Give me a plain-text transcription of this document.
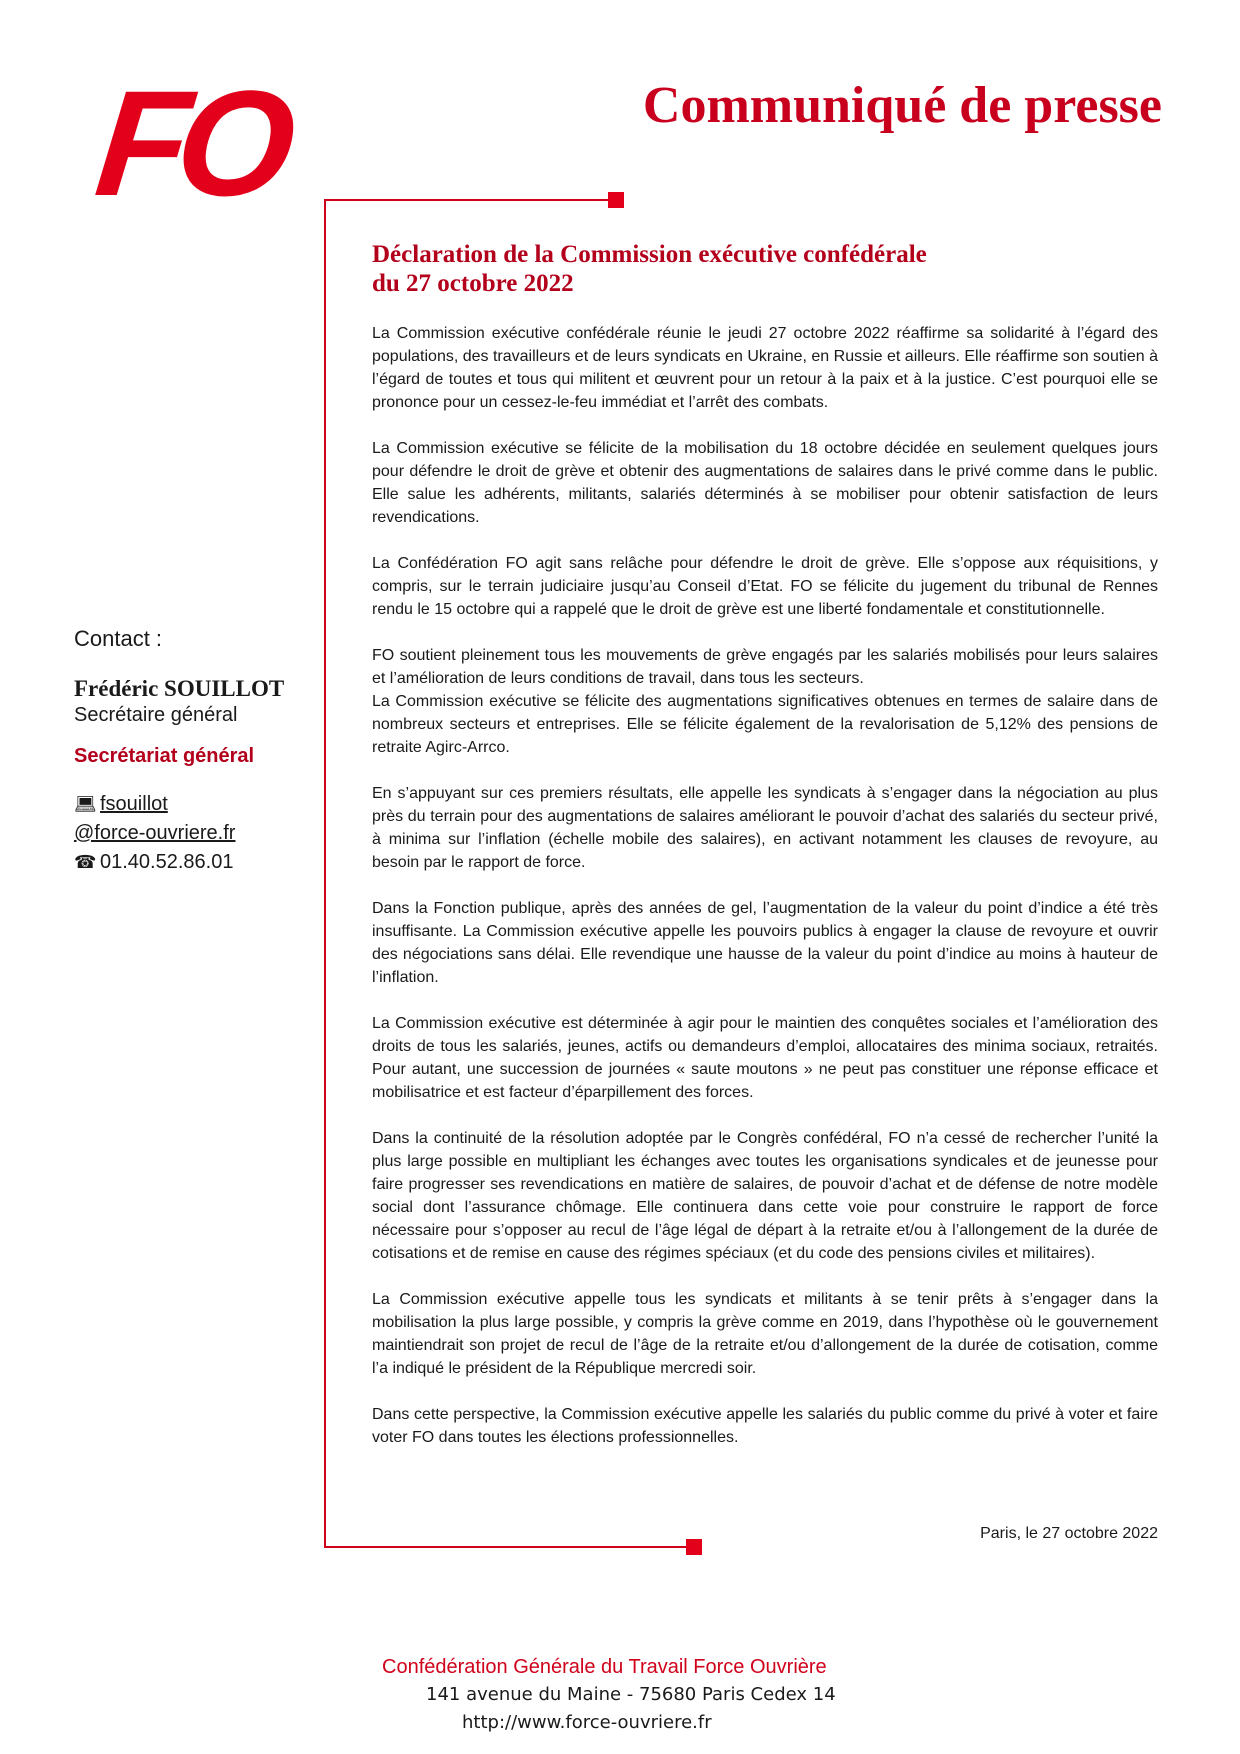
FO	Communiqué de presse
Déclaration de la Commission exécutive confédérale
du 27 octobre 2022

La Commission exécutive confédérale réunie le jeudi 27 octobre 2022 réaffirme sa solidarité à l’égard des populations, des travailleurs et de leurs syndicats en Ukraine, en Russie et ailleurs. Elle réaffirme son soutien à l’égard de toutes et tous qui militent et œuvrent pour un retour à la paix et à la justice. C’est pourquoi elle se prononce pour un cessez-le-feu immédiat et l’arrêt des combats.

La Commission exécutive se félicite de la mobilisation du 18 octobre décidée en seulement quelques jours pour défendre le droit de grève et obtenir des augmentations de salaires dans le privé comme dans le public. Elle salue les adhérents, militants, salariés déterminés à se mobiliser pour obtenir satisfaction de leurs revendications.

La Confédération FO agit sans relâche pour défendre le droit de grève. Elle s’oppose aux réquisitions, y compris, sur le terrain judiciaire jusqu’au Conseil d’Etat. FO se félicite du jugement du tribunal de Rennes rendu le 15 octobre qui a rappelé que le droit de grève est une liberté fondamentale et constitutionnelle.

FO soutient pleinement tous les mouvements de grève engagés par les salariés mobilisés pour leurs salaires et l’amélioration de leurs conditions de travail, dans tous les secteurs.

La Commission exécutive se félicite des augmentations significatives obtenues en termes de salaire dans de nombreux secteurs et entreprises. Elle se félicite également de la revalorisation de 5,12% des pensions de retraite Agirc-Arrco.

En s’appuyant sur ces premiers résultats, elle appelle les syndicats à s’engager dans la négociation au plus près du terrain pour des augmentations de salaires améliorant le pouvoir d’achat des salariés du secteur privé, à minima sur l’inflation (échelle mobile des salaires), en activant notamment les clauses de revoyure, au besoin par le rapport de force.

Dans la Fonction publique, après des années de gel, l’augmentation de la valeur du point d’indice a été très insuffisante. La Commission exécutive appelle les pouvoirs publics à engager la clause de revoyure et ouvrir des négociations sans délai. Elle revendique une hausse de la valeur du point d’indice au moins à hauteur de l’inflation.

La Commission exécutive est déterminée à agir pour le maintien des conquêtes sociales et l’amélioration des droits de tous les salariés, jeunes, actifs ou demandeurs d’emploi, allocataires des minima sociaux, retraités. Pour autant, une succession de journées « saute moutons » ne peut pas constituer une réponse efficace et mobilisatrice et est facteur d’éparpillement des forces.

Dans la continuité de la résolution adoptée par le Congrès confédéral, FO n’a cessé de rechercher l’unité la plus large possible en multipliant les échanges avec toutes les organisations syndicales et de jeunesse pour faire progresser ses revendications en matière de salaires, de pouvoir d’achat et de défense de notre modèle social dont l’assurance chômage. Elle continuera dans cette voie pour construire le rapport de force nécessaire pour s’opposer au recul de l’âge légal de départ à la retraite et/ou à l’allongement de la durée de cotisations et de remise en cause des régimes spéciaux (et du code des pensions civiles et militaires).

La Commission exécutive appelle tous les syndicats et militants à se tenir prêts à s’engager dans la mobilisation la plus large possible, y compris la grève comme en 2019, dans l’hypothèse où le gouvernement maintiendrait son projet de recul de l’âge de la retraite et/ou d’allongement de la durée de cotisation, comme l’a indiqué le président de la République mercredi soir.

Dans cette perspective, la Commission exécutive appelle les salariés du public comme du privé à voter et faire voter FO dans toutes les élections professionnelles.

Paris, le 27 octobre 2022

Contact :

Frédéric SOUILLOT

Secrétaire général

Secrétariat général

💻︎ fsouillot

@force-ouvriere.fr

☎ 01.40.52.86.01

Confédération Générale du Travail Force Ouvrière
141 avenue du Maine - 75680 Paris Cedex 14
http://www.force-ouvriere.fr
